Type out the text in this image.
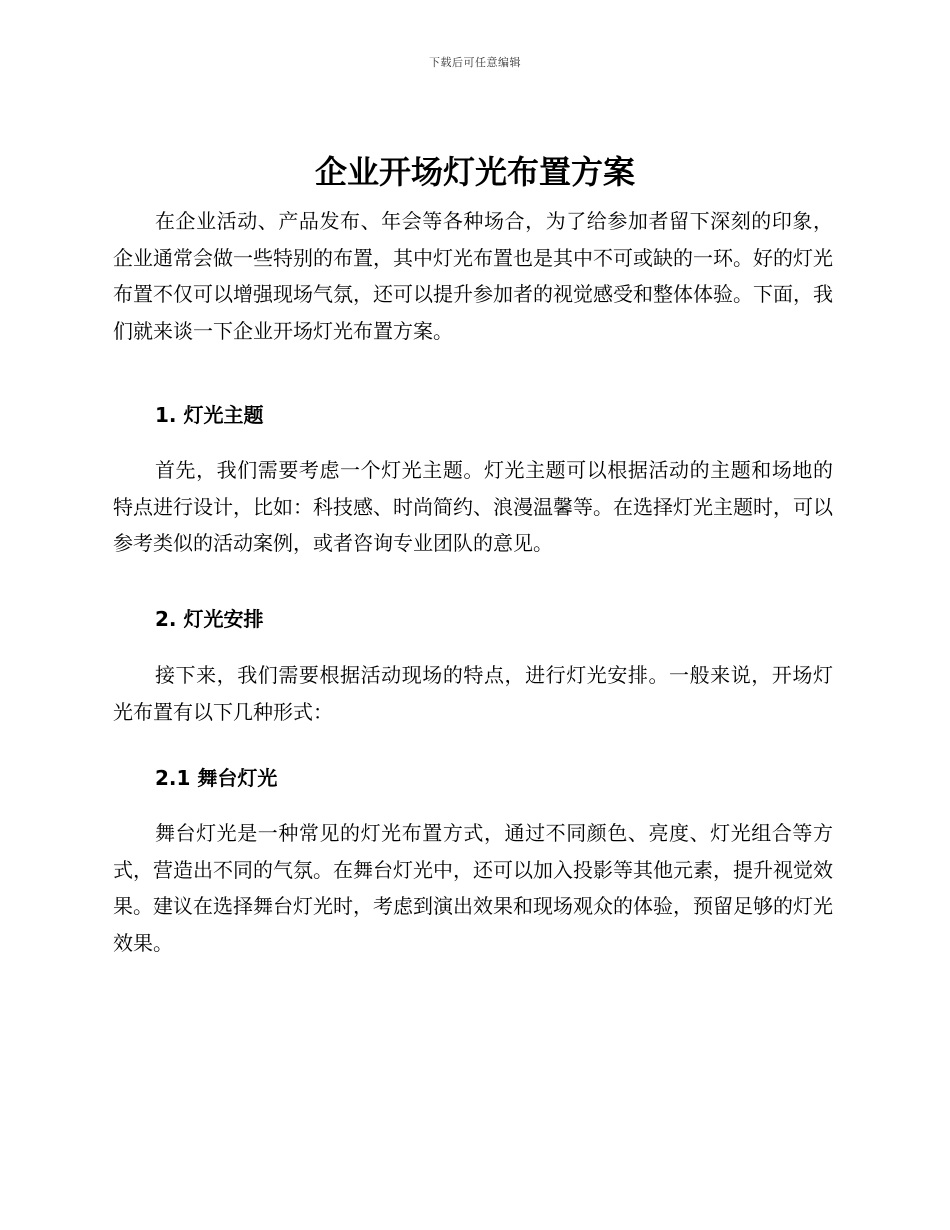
下载后可任意编辑
企业开场灯光布置方案

在企业活动、产品发布、年会等各种场合，为了给参加者留下深刻的印象，企业通常会做一些特别的布置，其中灯光布置也是其中不可或缺的一环。好的灯光布置不仅可以增强现场气氛，还可以提升参加者的视觉感受和整体体验。下面，我们就来谈一下企业开场灯光布置方案。

1. 灯光主题

首先，我们需要考虑一个灯光主题。灯光主题可以根据活动的主题和场地的特点进行设计，比如：科技感、时尚简约、浪漫温馨等。在选择灯光主题时，可以参考类似的活动案例，或者咨询专业团队的意见。

2. 灯光安排

接下来，我们需要根据活动现场的特点，进行灯光安排。一般来说，开场灯光布置有以下几种形式：

2.1 舞台灯光

舞台灯光是一种常见的灯光布置方式，通过不同颜色、亮度、灯光组合等方式，营造出不同的气氛。在舞台灯光中，还可以加入投影等其他元素，提升视觉效果。建议在选择舞台灯光时，考虑到演出效果和现场观众的体验，预留足够的灯光效果。
